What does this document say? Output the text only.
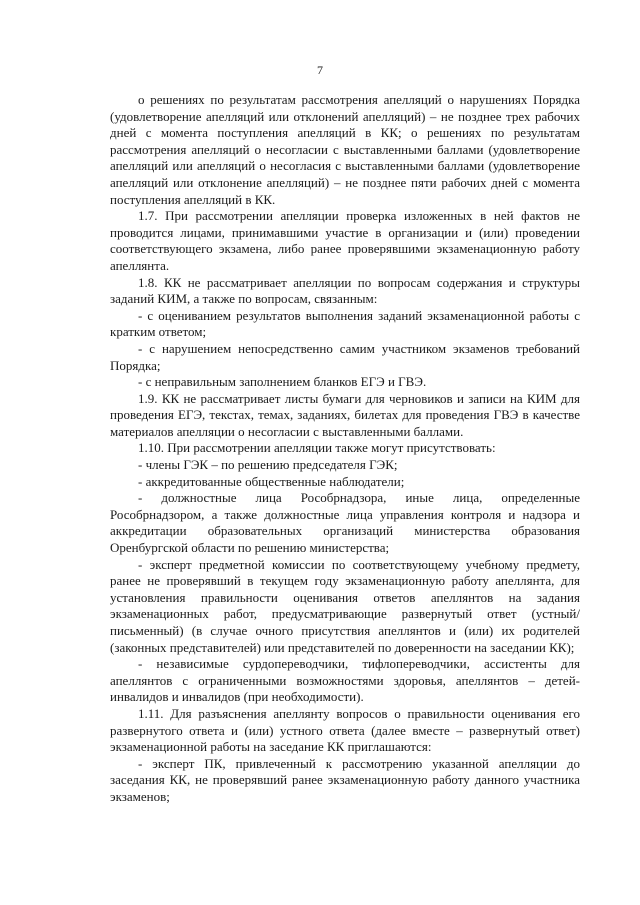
7

о решениях по результатам рассмотрения апелляций о нарушениях Порядка (удовлетворение апелляций или отклонений апелляций) – не позднее трех рабочих дней с момента поступления апелляций в КК; о решениях по результатам рассмотрения апелляций о несогласии с выставленными баллами (удовлетворение апелляций или апелляций о несогласия с выставленными баллами (удовлетворение апелляций или отклонение апелляций) – не позднее пяти рабочих дней с момента поступления апелляций в КК.

1.7. При рассмотрении апелляции проверка изложенных в ней фактов не проводится лицами, принимавшими участие в организации и (или) проведении соответствующего экзамена, либо ранее проверявшими экзаменационную работу апеллянта.

1.8. КК не рассматривает апелляции по вопросам содержания и структуры заданий КИМ, а также по вопросам, связанным:

- с оцениванием результатов выполнения заданий экзаменационной работы с кратким ответом;

- с нарушением непосредственно самим участником экзаменов требований Порядка;

- с неправильным заполнением бланков ЕГЭ и ГВЭ.

1.9. КК не рассматривает листы бумаги для черновиков и записи на КИМ для проведения ЕГЭ, текстах, темах, заданиях, билетах для проведения ГВЭ в качестве материалов апелляции о несогласии с выставленными баллами.

1.10. При рассмотрении апелляции также могут присутствовать:

- члены ГЭК – по решению председателя ГЭК;

- аккредитованные общественные наблюдатели;

- должностные лица Рособрнадзора, иные лица, определенные Рособрнадзором, а также должностные лица управления контроля и надзора и аккредитации образовательных организаций министерства образования Оренбургской области по решению министерства;

- эксперт предметной комиссии по соответствующему учебному предмету, ранее не проверявший в текущем году экзаменационную работу апеллянта, для установления правильности оценивания ответов апеллянтов на задания экзаменационных работ, предусматривающие развернутый ответ (устный/письменный) (в случае очного присутствия апеллянтов и (или) их родителей (законных представителей) или представителей по доверенности на заседании КК);

- независимые сурдопереводчики, тифлопереводчики, ассистенты для апеллянтов с ограниченными возможностями здоровья, апеллянтов – детей-инвалидов и инвалидов (при необходимости).

1.11. Для разъяснения апеллянту вопросов о правильности оценивания его развернутого ответа и (или) устного ответа (далее вместе – развернутый ответ) экзаменационной работы на заседание КК приглашаются:

- эксперт ПК, привлеченный к рассмотрению указанной апелляции до заседания КК, не проверявший ранее экзаменационную работу данного участника экзаменов;
